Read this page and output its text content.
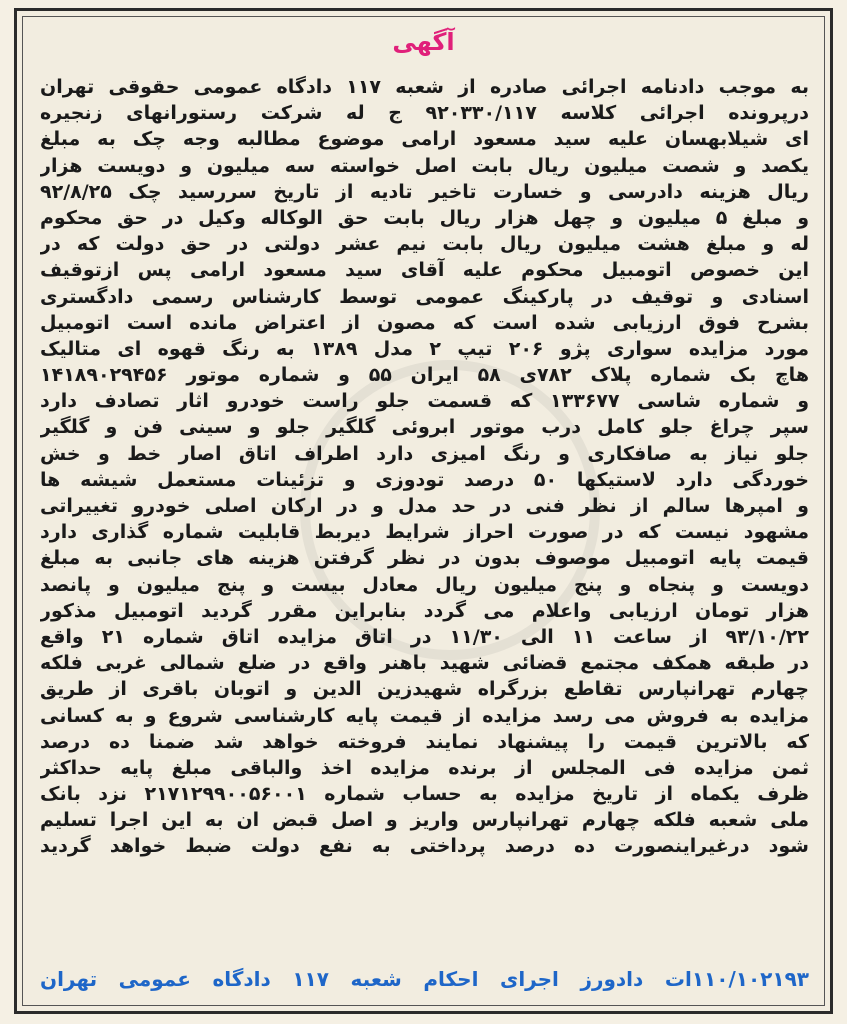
آگهی
به موجب دادنامه اجرائی صادره از شعبه ۱۱۷ دادگاه عمومی حقوقی تهران
درپرونده اجرائی کلاسه ۹۲۰۳۳۰/۱۱۷ ج له شرکت رستورانهای زنجیره
ای شیلابهسان علیه سید مسعود ارامی موضوع مطالبه وجه چک به مبلغ
یکصد و شصت میلیون ریال بابت اصل خواسته سه میلیون و دویست هزار
ریال هزینه دادرسی و خسارت تاخیر تادیه از تاریخ سررسید چک ۹۲/۸/۲۵
و مبلغ ۵ میلیون و چهل هزار ریال بابت حق الوکاله وکیل در حق محکوم
له و مبلغ هشت میلیون ریال بابت نیم عشر دولتی در حق دولت که در
این خصوص اتومبیل محکوم علیه آقای سید مسعود ارامی پس ازتوقیف
اسنادی و توقیف در پارکینگ عمومی توسط کارشناس رسمی دادگستری
بشرح فوق ارزیابی شده است که مصون از اعتراض مانده است اتومبیل
مورد مزایده سواری پژو ۲۰۶ تیپ ۲ مدل ۱۳۸۹ به رنگ قهوه ای متالیک
هاچ بک شماره پلاک ۷۸۲ی ۵۸ ایران ۵۵ و شماره موتور ۱۴۱۸۹۰۲۹۴۵۶
و شماره شاسی ۱۳۳۶۷۷ که قسمت جلو راست خودرو اثار تصادف دارد
سپر چراغ جلو کامل درب موتور ابروئی گلگیر جلو و سینی فن و گلگیر
جلو نیاز به صافکاری و رنگ امیزی دارد اطراف اتاق اصار خط و خش
خوردگی دارد لاستیکها ۵۰ درصد تودوزی و تزئینات مستعمل شیشه ها
و امپرها سالم از نظر فنی در حد مدل و در ارکان اصلی خودرو تغییراتی
مشهود نیست که در صورت احراز شرایط دیربط قابلیت شماره گذاری دارد
قیمت پایه اتومبیل موصوف بدون در نظر گرفتن هزینه های جانبی به مبلغ
دویست و پنجاه و پنج میلیون ریال معادل بیست و پنج میلیون و پانصد
هزار تومان ارزیابی واعلام می گردد بنابراین مقرر گردید اتومبیل مذکور
۹۳/۱۰/۲۲ از ساعت ۱۱ الی ۱۱/۳۰ در اتاق مزایده اتاق شماره ۲۱ واقع
در طبقه همکف مجتمع قضائی شهید باهنر واقع در ضلع شمالی غربی فلکه
چهارم تهرانپارس تقاطع بزرگراه شهیدزین الدین و اتوبان باقری از طریق
مزایده به فروش می رسد مزایده از قیمت پایه کارشناسی شروع و به کسانی
که بالاترین قیمت را پیشنهاد نمایند فروخته خواهد شد ضمنا ده درصد
ثمن مزایده فی المجلس از برنده مزایده اخذ والباقی مبلغ پایه حداکثر
ظرف یکماه از تاریخ مزایده به حساب شماره ۲۱۷۱۲۹۹۰۰۵۶۰۰۱ نزد بانک
ملی شعبه فلکه چهارم تهرانپارس واریز و اصل قبض ان به این اجرا تسلیم
شود درغیراینصورت ده درصد پرداختی به نفع دولت ضبط خواهد گردید
۱۱۰/۱۰۲۱۹۳ات دادورز اجرای احکام شعبه ۱۱۷ دادگاه عمومی تهران
